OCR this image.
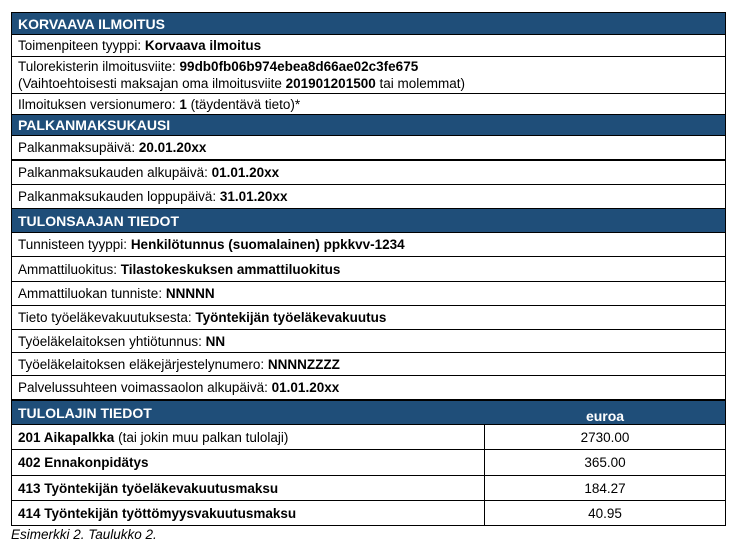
KORVAAVA ILMOITUS
Toimenpiteen tyyppi: Korvaava ilmoitus
Tulorekisterin ilmoitusviite: 99db0fb06b974ebea8d66ae02c3fe675
(Vaihtoehtoisesti maksajan oma ilmoitusviite 201901201500 tai molemmat)
Ilmoituksen versionumero: 1 (täydentävä tieto)*
PALKANMAKSUKAUSI
Palkanmaksupäivä: 20.01.20xx
Palkanmaksukauden alkupäivä: 01.01.20xx
Palkanmaksukauden loppupäivä: 31.01.20xx
TULONSAAJAN TIEDOT
Tunnisteen tyyppi: Henkilötunnus (suomalainen) ppkkvv-1234
Ammattiluokitus: Tilastokeskuksen ammattiluokitus
Ammattiluokan tunniste: NNNNN
Tieto työeläkevakuutuksesta: Työntekijän työeläkevakuutus
Työeläkelaitoksen yhtiötunnus: NN
Työeläkelaitoksen eläkejärjestelynumero: NNNNZZZZ
Palvelussuhteen voimassaolon alkupäivä: 01.01.20xx
TULOLAJIN TIEDOT	euroa
201 Aikapalkka (tai jokin muu palkan tulolaji)	2730.00
402 Ennakonpidätys	365.00
413 Työntekijän työeläkevakuutusmaksu	184.27
414 Työntekijän työttömyysvakuutusmaksu	40.95
Esimerkki 2. Taulukko 2.
